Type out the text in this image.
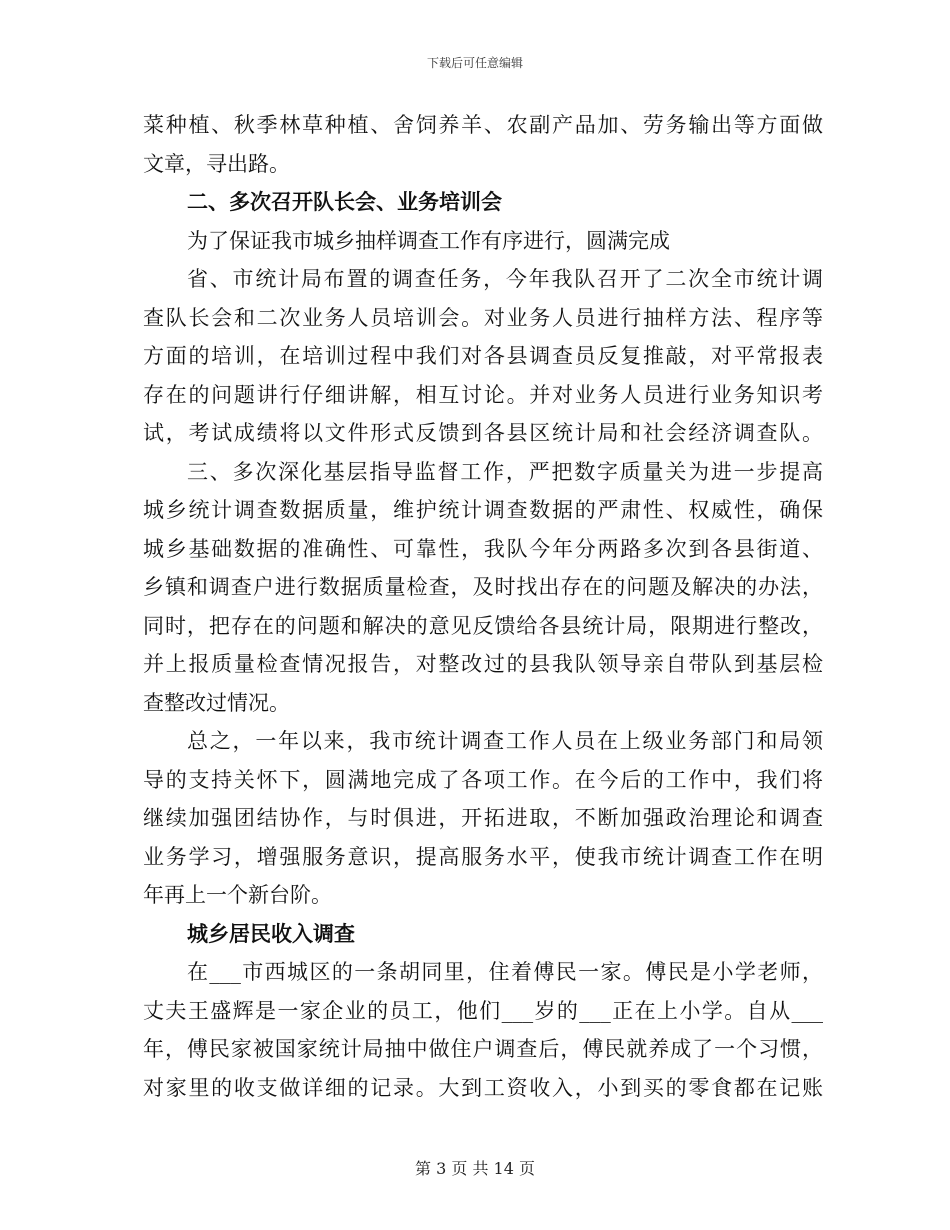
下载后可任意编辑
菜种植、秋季林草种植、舍饲养羊、农副产品加、劳务输出等方面做
文章，寻出路。
二、多次召开队长会、业务培训会
为了保证我市城乡抽样调查工作有序进行，圆满完成
省、市统计局布置的调查任务，今年我队召开了二次全市统计调
查队长会和二次业务人员培训会。对业务人员进行抽样方法、程序等
方面的培训，在培训过程中我们对各县调查员反复推敲，对平常报表
存在的问题讲行仔细讲解，相互讨论。并对业务人员进行业务知识考
试，考试成绩将以文件形式反馈到各县区统计局和社会经济调查队。
三、多次深化基层指导监督工作，严把数字质量关为进一步提高
城乡统计调查数据质量，维护统计调查数据的严肃性、权威性，确保
城乡基础数据的准确性、可靠性，我队今年分两路多次到各县街道、
乡镇和调查户进行数据质量检查，及时找出存在的问题及解决的办法，
同时，把存在的问题和解决的意见反馈给各县统计局，限期进行整改，
并上报质量检查情况报告，对整改过的县我队领导亲自带队到基层检
查整改过情况。
总之，一年以来，我市统计调查工作人员在上级业务部门和局领
导的支持关怀下，圆满地完成了各项工作。在今后的工作中，我们将
继续加强团结协作，与时俱进，开拓进取，不断加强政治理论和调查
业务学习，增强服务意识，提高服务水平，使我市统计调查工作在明
年再上一个新台阶。
城乡居民收入调查
在___市西城区的一条胡同里，住着傅民一家。傅民是小学老师，
丈夫王盛辉是一家企业的员工，他们___岁的___正在上小学。自从___
年，傅民家被国家统计局抽中做住户调查后，傅民就养成了一个习惯，
对家里的收支做详细的记录。大到工资收入，小到买的零食都在记账
第 3 页 共 14 页
